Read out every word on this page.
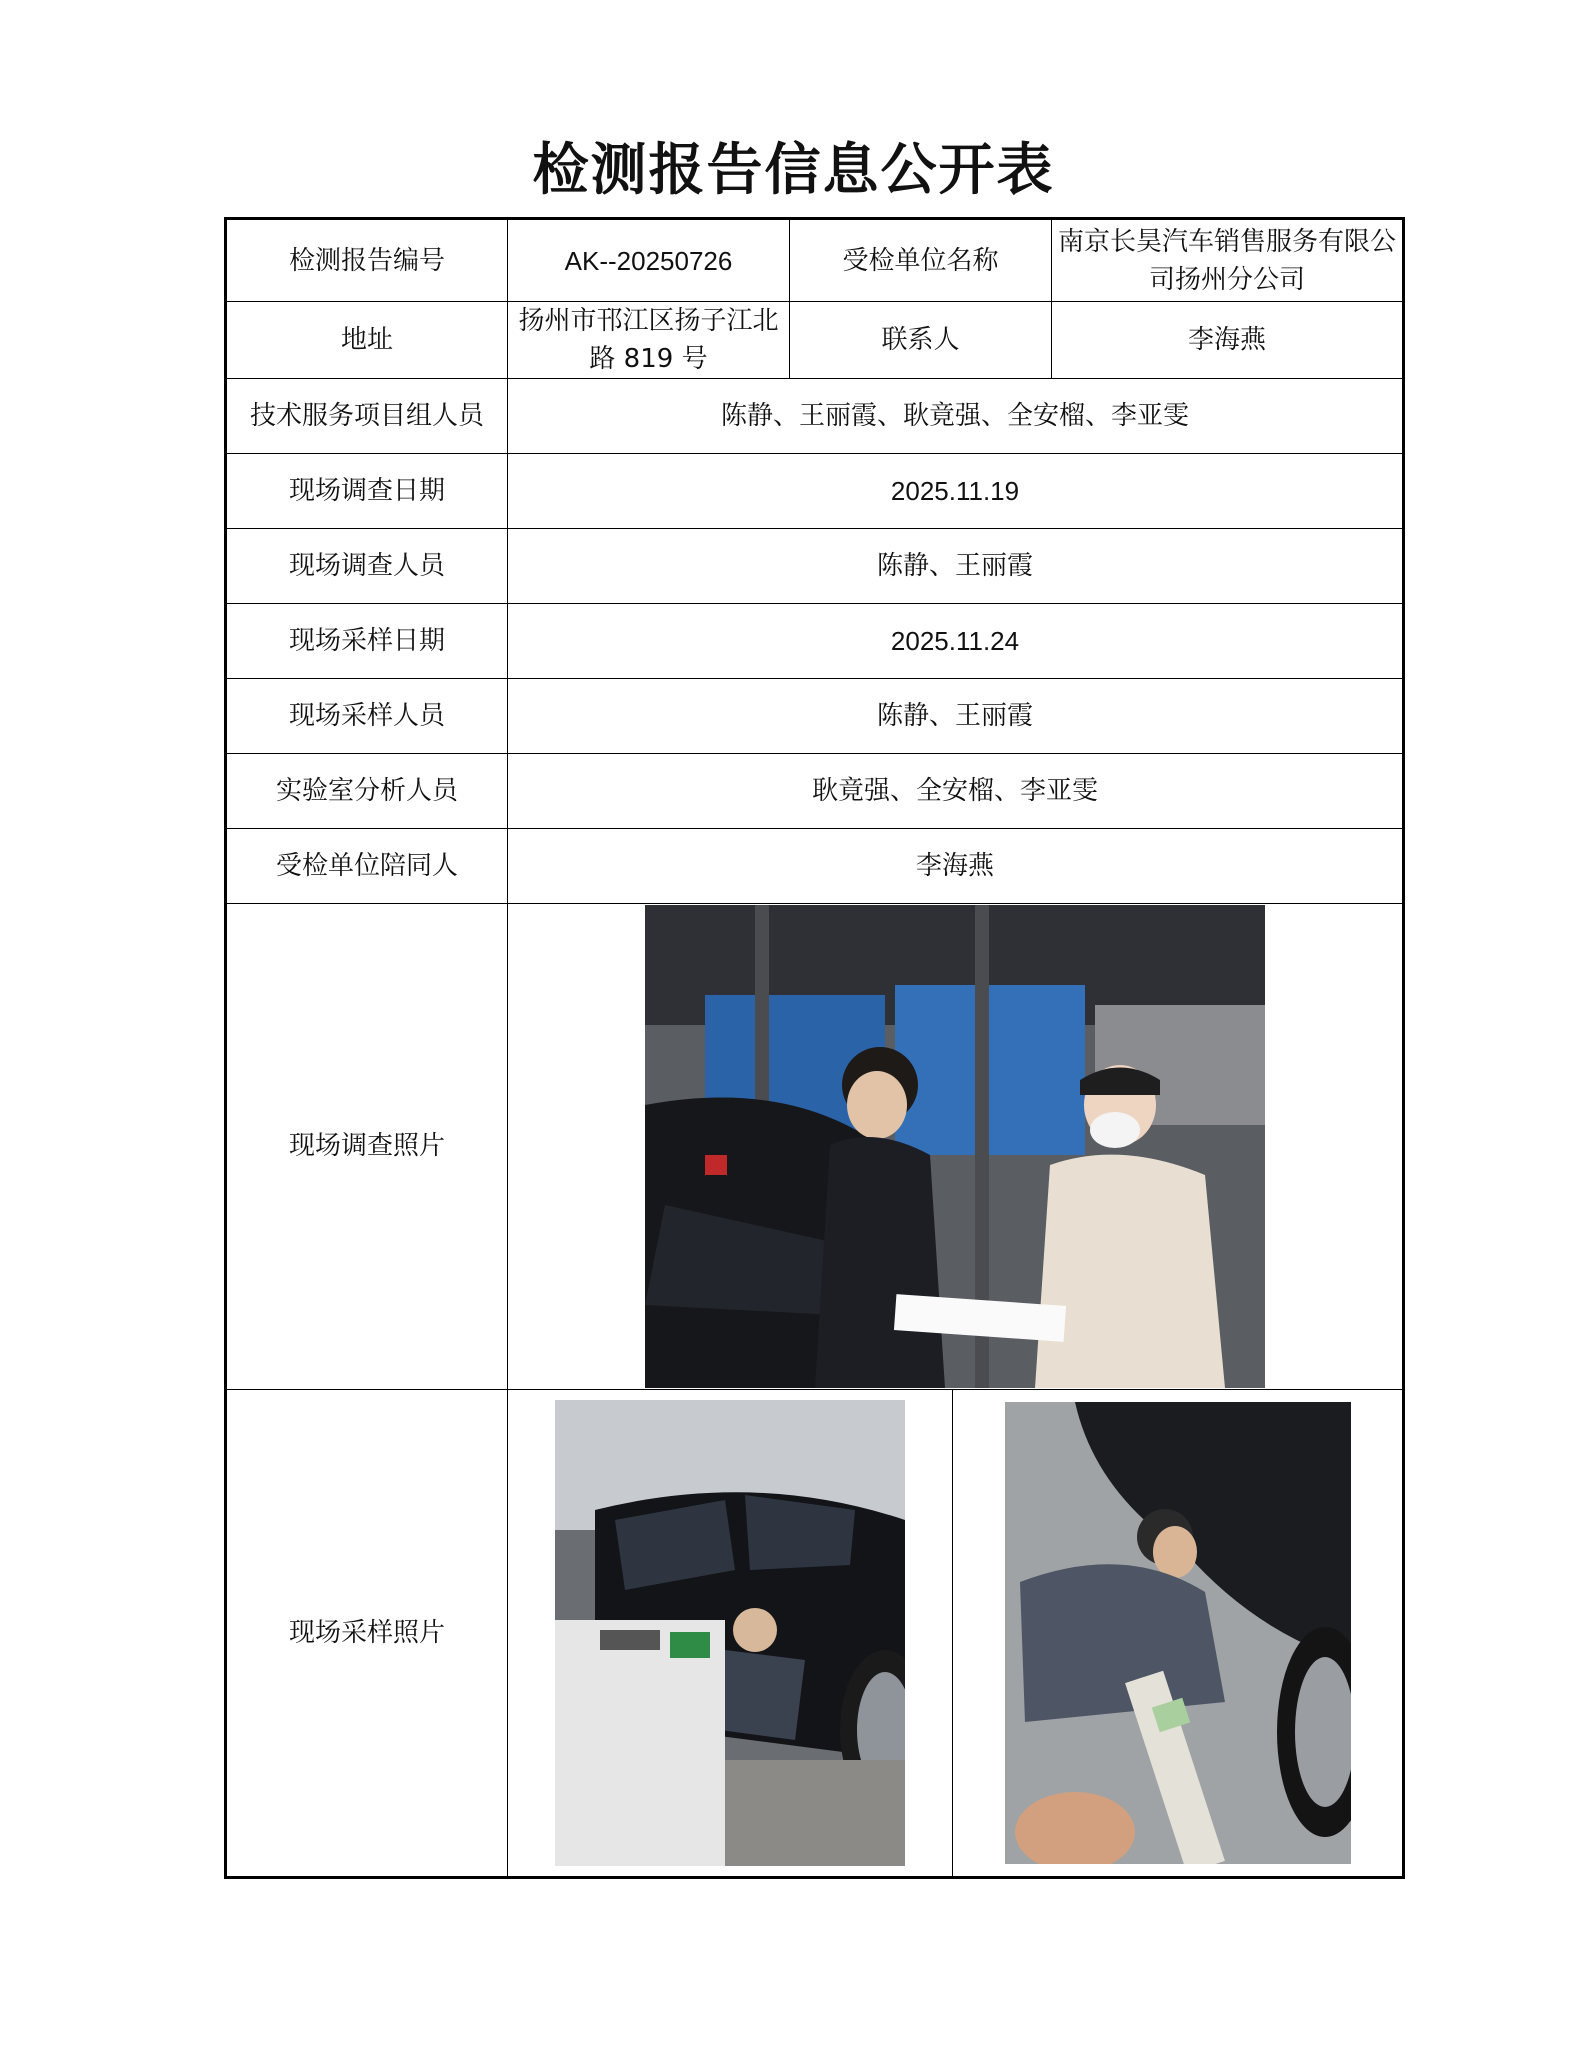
检测报告信息公开表
检测报告编号	AK--20250726	受检单位名称		南京长昊汽车销售服务有限公司扬州分公司
地址	扬州市邗江区扬子江北路 819 号	联系人		李海燕
技术服务项目组人员	陈静、王丽霞、耿竟强、全安榴、李亚雯			
现场调查日期	2025.11.19			
现场调查人员	陈静、王丽霞			
现场采样日期	2025.11.24			
现场采样人员	陈静、王丽霞			
实验室分析人员	耿竟强、全安榴、李亚雯			
受检单位陪同人	李海燕			
现场调查照片	

现场采样照片	
